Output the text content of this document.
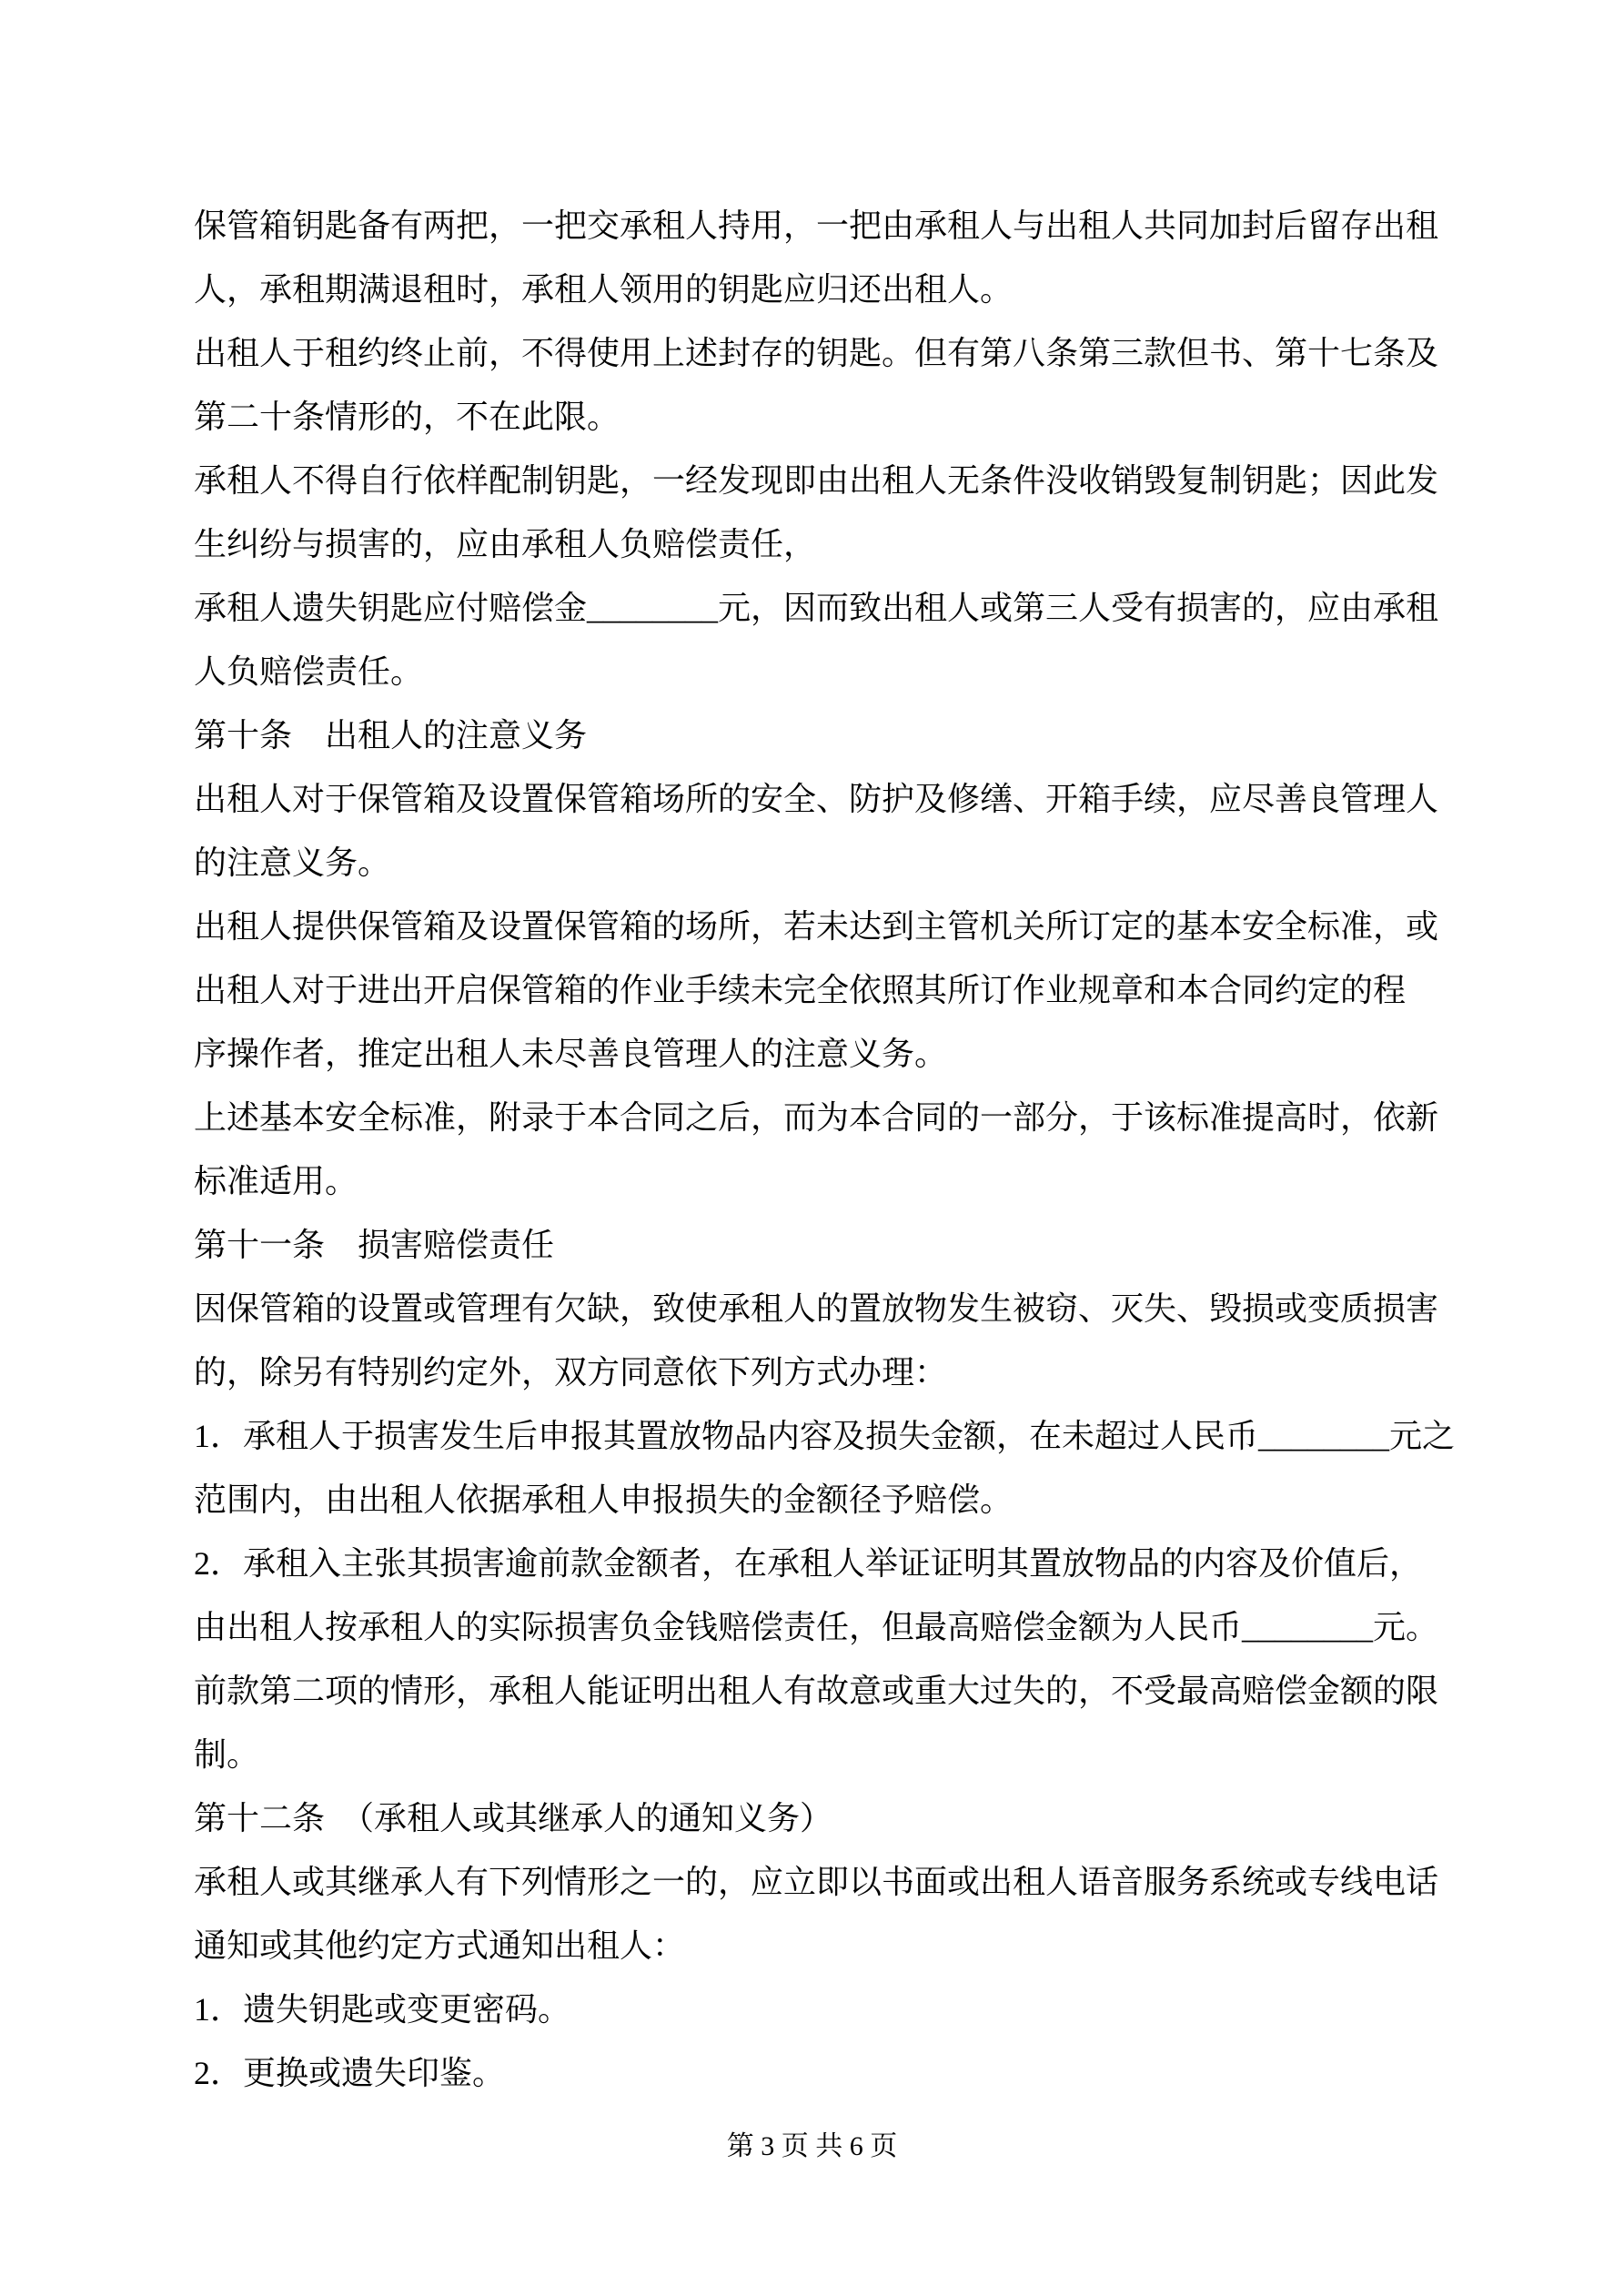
保管箱钥匙备有两把，一把交承租人持用，一把由承租人与出租人共同加封后留存出租
人，承租期满退租时，承租人领用的钥匙应归还出租人。
出租人于租约终止前，不得使用上述封存的钥匙。但有第八条第三款但书、第十七条及
第二十条情形的，不在此限。
承租人不得自行依样配制钥匙，一经发现即由出租人无条件没收销毁复制钥匙；因此发
生纠纷与损害的，应由承租人负赔偿责任，
承租人遗失钥匙应付赔偿金________元，因而致出租人或第三人受有损害的，应由承租
人负赔偿责任。
第十条　出租人的注意义务
出租人对于保管箱及设置保管箱场所的安全、防护及修缮、开箱手续，应尽善良管理人
的注意义务。
出租人提供保管箱及设置保管箱的场所，若未达到主管机关所订定的基本安全标准，或
出租人对于进出开启保管箱的作业手续未完全依照其所订作业规章和本合同约定的程
序操作者，推定出租人未尽善良管理人的注意义务。
上述基本安全标准，附录于本合同之后，而为本合同的一部分，于该标准提高时，依新
标准适用。
第十一条　损害赔偿责任
因保管箱的设置或管理有欠缺，致使承租人的置放物发生被窃、灭失、毁损或变质损害
的，除另有特别约定外，双方同意依下列方式办理：
1．承租人于损害发生后申报其置放物品内容及损失金额，在未超过人民币________元之
范围内，由出租人依据承租人申报损失的金额径予赔偿。
2．承租入主张其损害逾前款金额者，在承租人举证证明其置放物品的内容及价值后，
由出租人按承租人的实际损害负金钱赔偿责任，但最高赔偿金额为人民币________元。
前款第二项的情形，承租人能证明出租人有故意或重大过失的，不受最高赔偿金额的限
制。
第十二条　（承租人或其继承人的通知义务）
承租人或其继承人有下列情形之一的，应立即以书面或出租人语音服务系统或专线电话
通知或其他约定方式通知出租人：
1．遗失钥匙或变更密码。
2．更换或遗失印鉴。
第 3 页 共 6 页
